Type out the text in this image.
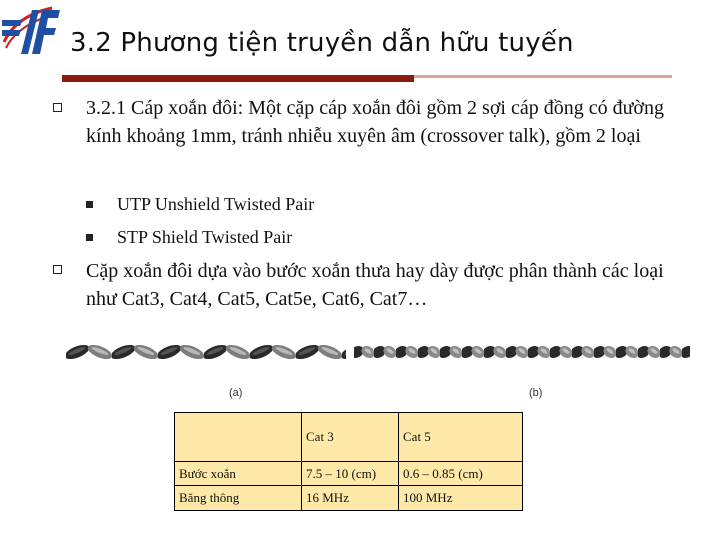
3.2 Phương tiện truyền dẫn hữu tuyến
3.2.1 Cáp xoắn đôi: Một cặp cáp xoắn đôi gồm 2 sợi cáp đồng có đường kính khoảng 1mm, tránh nhiễu xuyên âm (crossover talk), gồm 2 loại
UTP Unshield Twisted Pair
STP Shield Twisted Pair
Cặp xoắn đôi dựa vào bước xoắn thưa hay dày được phân thành các loại như Cat3, Cat4, Cat5, Cat5e, Cat6, Cat7…
(a)	(b)
	Cat 3	Cat 5
Bước xoắn	7.5 – 10 (cm)	0.6 – 0.85 (cm)
Băng thông	16 MHz	100 MHz
